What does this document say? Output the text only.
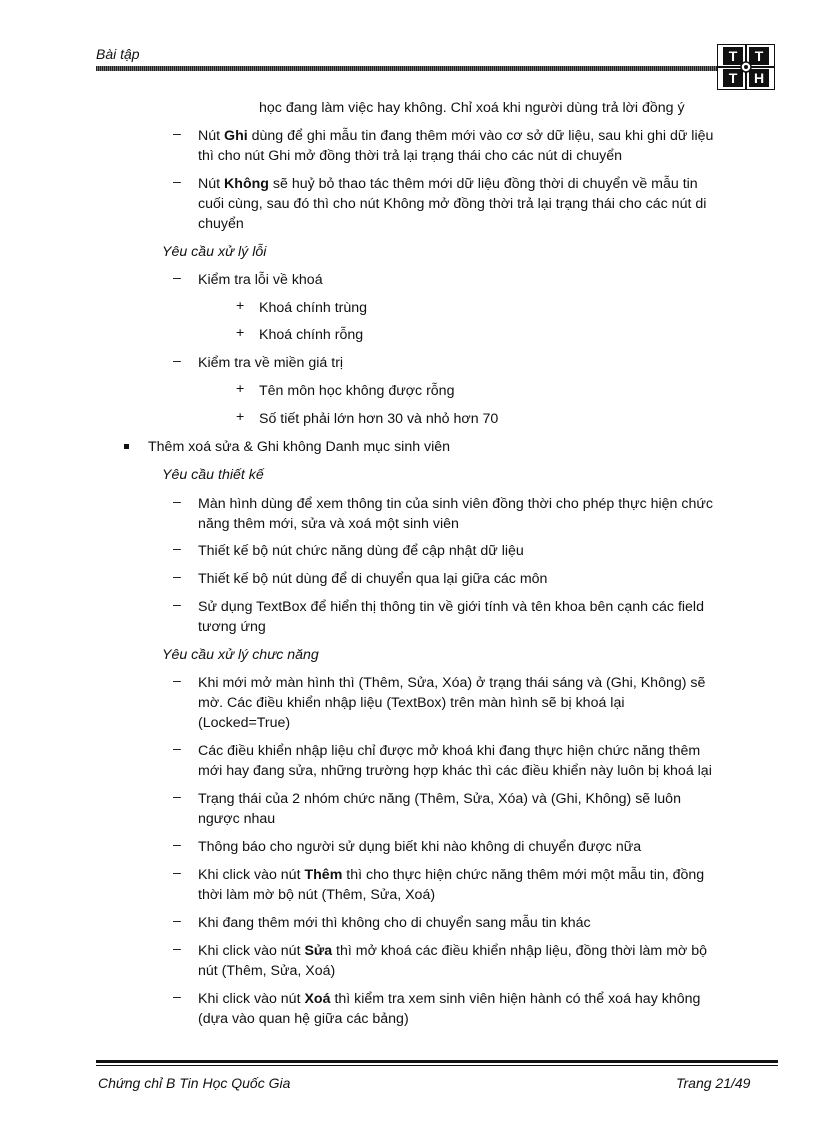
Bài tập	T T
T H
học đang làm việc hay không. Chỉ xoá khi người dùng trả lời đồng ý
– Nút Ghi dùng để ghi mẫu tin đang thêm mới vào cơ sở dữ liệu, sau khi ghi dữ liệu
thì cho nút Ghi mở đồng thời trả lại trạng thái cho các nút di chuyển
– Nút Không sẽ huỷ bỏ thao tác thêm mới dữ liệu đồng thời di chuyển về mẫu tin
cuối cùng, sau đó thì cho nút Không mở đồng thời trả lại trạng thái cho các nút di
chuyển
Yêu cầu xử lý lỗi
– Kiểm tra lỗi về khoá
+ Khoá chính trùng
+ Khoá chính rỗng
– Kiểm tra về miền giá trị
+ Tên môn học không được rỗng
+ Số tiết phải lớn hơn 30 và nhỏ hơn 70
Thêm xoá sửa & Ghi không Danh mục sinh viên
Yêu cầu thiết kế
– Màn hình dùng để xem thông tin của sinh viên đồng thời cho phép thực hiện chức
năng thêm mới, sửa và xoá một sinh viên
– Thiết kế bộ nút chức năng dùng để cập nhật dữ liệu
– Thiết kế bộ nút dùng để di chuyển qua lại giữa các môn
– Sử dụng TextBox để hiển thị thông tin về giới tính và tên khoa bên cạnh các field
tương ứng
Yêu cầu xử lý chưc năng
– Khi mới mở màn hình thì (Thêm, Sửa, Xóa) ở trạng thái sáng và (Ghi, Không) sẽ
mờ. Các điều khiển nhập liệu (TextBox) trên màn hình sẽ bị khoá lại
(Locked=True)
– Các điều khiển nhập liệu chỉ được mở khoá khi đang thực hiện chức năng thêm
mới hay đang sửa, những trường hợp khác thì các điều khiển này luôn bị khoá lại
– Trạng thái của 2 nhóm chức năng (Thêm, Sửa, Xóa) và (Ghi, Không) sẽ luôn
ngược nhau
– Thông báo cho người sử dụng biết khi nào không di chuyển được nữa
– Khi click vào nút Thêm thì cho thực hiện chức năng thêm mới một mẫu tin, đồng
thời làm mờ bộ nút (Thêm, Sửa, Xoá)
– Khi đang thêm mới thì không cho di chuyển sang mẫu tin khác
– Khi click vào nút Sửa thì mở khoá các điều khiển nhập liệu, đồng thời làm mờ bộ
nút (Thêm, Sửa, Xoá)
– Khi click vào nút Xoá thì kiểm tra xem sinh viên hiện hành có thể xoá hay không
(dựa vào quan hệ giữa các bảng)
Chứng chỉ B Tin Học Quốc Gia	Trang 21/49
